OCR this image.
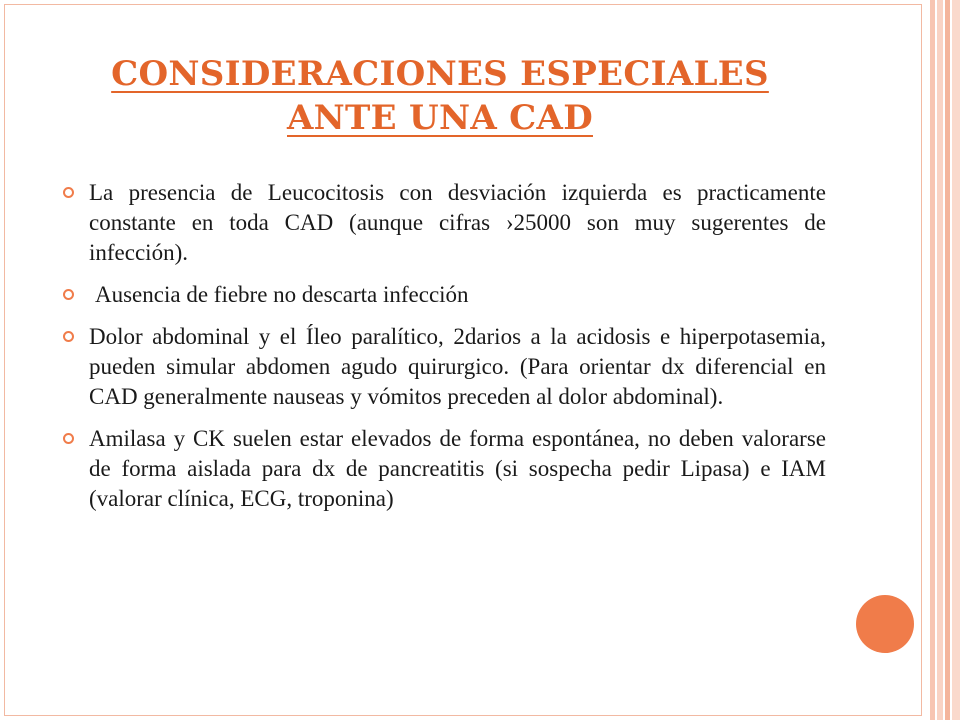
CONSIDERACIONES ESPECIALES
ANTE UNA CAD
La presencia de Leucocitosis con desviación izquierda es practicamente constante en toda CAD (aunque cifras ›25000 son muy sugerentes de infección).
Ausencia de fiebre no descarta infección
Dolor abdominal y el Íleo paralítico, 2darios a la acidosis e hiperpotasemia, pueden simular abdomen agudo quirurgico. (Para orientar dx diferencial en CAD generalmente nauseas y vómitos preceden al dolor abdominal).
Amilasa y CK suelen estar elevados de forma espontánea, no deben valorarse de forma aislada para dx de pancreatitis (si sospecha pedir Lipasa) e IAM (valorar clínica, ECG, troponina)
